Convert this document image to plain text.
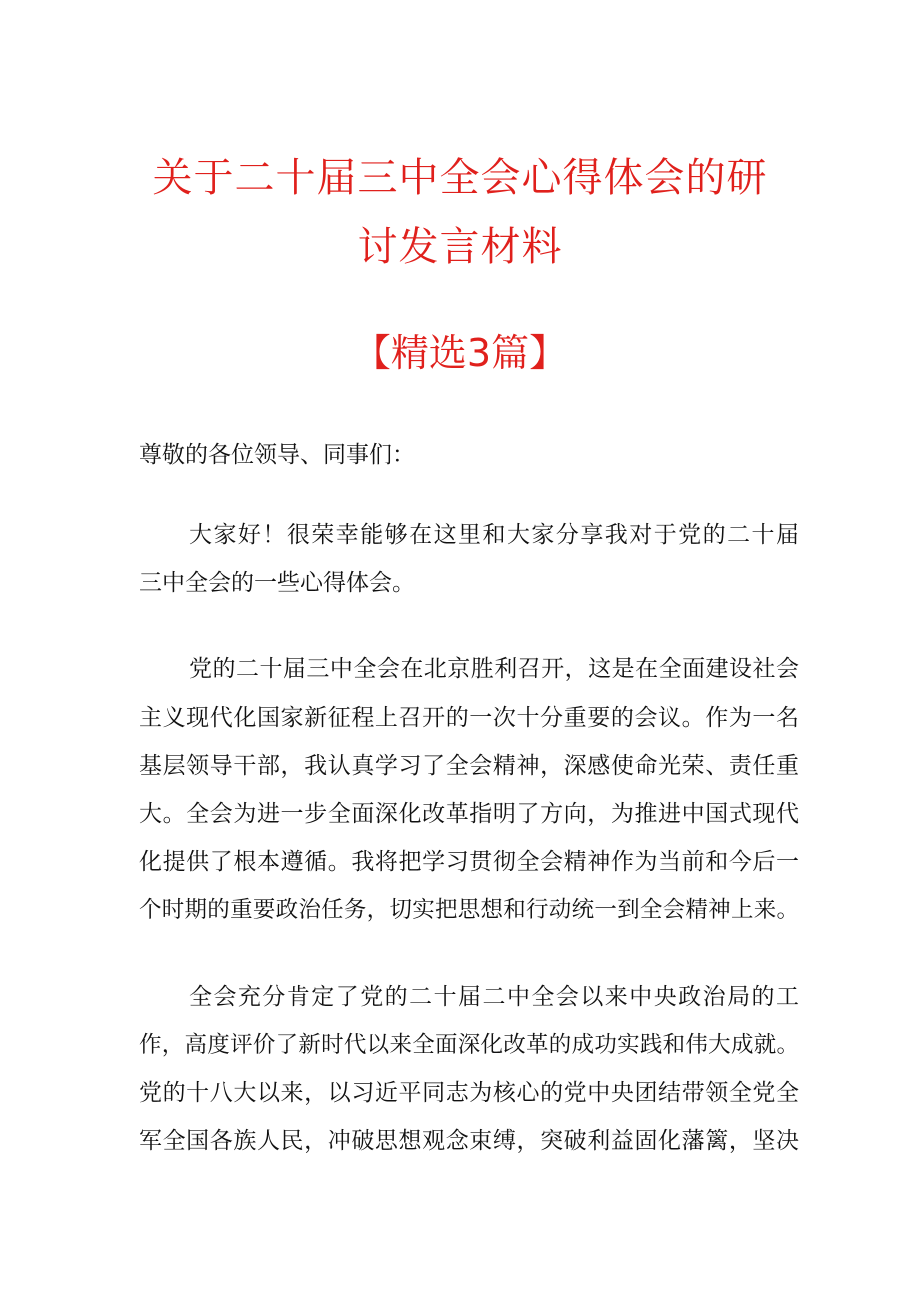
关于二十届三中全会心得体会的研
讨发言材料
【精选3篇】
尊敬的各位领导、同事们：
大家好！很荣幸能够在这里和大家分享我对于党的二十届
三中全会的一些心得体会。
党的二十届三中全会在北京胜利召开，这是在全面建设社会
主义现代化国家新征程上召开的一次十分重要的会议。作为一名
基层领导干部，我认真学习了全会精神，深感使命光荣、责任重
大。全会为进一步全面深化改革指明了方向，为推进中国式现代
化提供了根本遵循。我将把学习贯彻全会精神作为当前和今后一
个时期的重要政治任务，切实把思想和行动统一到全会精神上来。
全会充分肯定了党的二十届二中全会以来中央政治局的工
作，高度评价了新时代以来全面深化改革的成功实践和伟大成就。
党的十八大以来，以习近平同志为核心的党中央团结带领全党全
军全国各族人民，冲破思想观念束缚，突破利益固化藩篱，坚决
